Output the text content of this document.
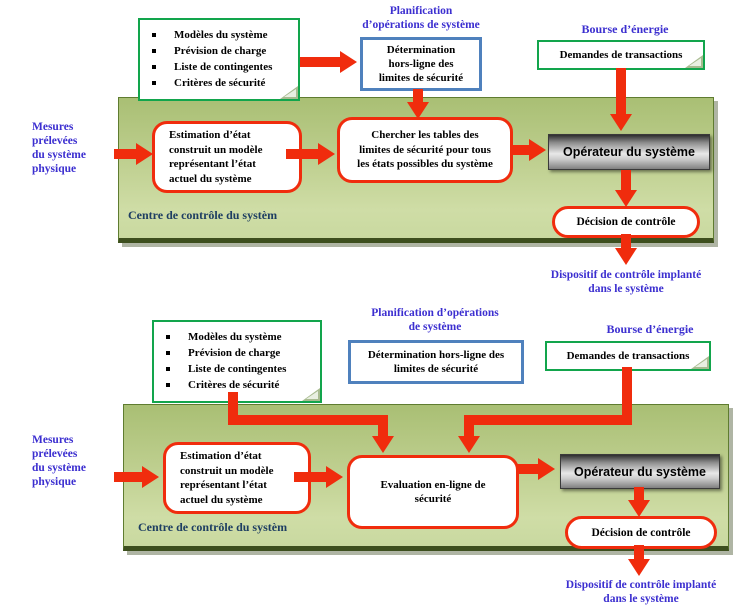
Centre de contrôle du systèm
Modèles du système
Prévision de charge
Liste de contingentes
Critères de sécurité
Planification
d’opérations de système
Détermination
hors-ligne des
limites de sécurité
Bourse d’énergie
Demandes de transactions
Mesures
prélevées
du système
physique
Estimation d’état
construit un modèle
représentant l’état
actuel du système
Chercher les tables des
limites de sécurité pour tous
les états possibles du système
Opérateur du système
Décision de contrôle
Dispositif de contrôle implanté
dans le système
Centre de contrôle du systèm
Modèles du système
Prévision de charge
Liste de contingentes
Critères de sécurité
Planification d’opérations
de système
Détermination hors-ligne des
limites de sécurité
Bourse d’énergie
Demandes de transactions
Mesures
prélevées
du système
physique
Estimation d’état
construit un modèle
représentant l’état
actuel du système
Evaluation en-ligne de
sécurité
Opérateur du système
Décision de contrôle
Dispositif de contrôle implanté
dans le système
